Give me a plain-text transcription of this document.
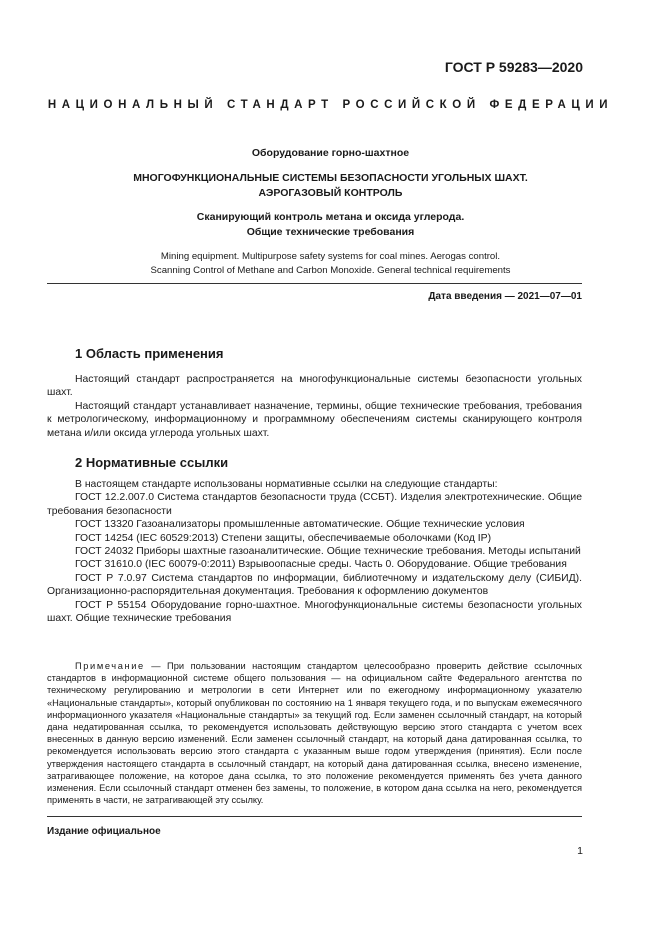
ГОСТ Р 59283—2020
НАЦИОНАЛЬНЫЙ СТАНДАРТ РОССИЙСКОЙ ФЕДЕРАЦИИ
Оборудование горно-шахтное
МНОГОФУНКЦИОНАЛЬНЫЕ СИСТЕМЫ БЕЗОПАСНОСТИ УГОЛЬНЫХ ШАХТ.
АЭРОГАЗОВЫЙ КОНТРОЛЬ
Сканирующий контроль метана и оксида углерода.
Общие технические требования
Mining equipment. Multipurpose safety systems for coal mines. Aerogas control.
Scanning Control of Methane and Carbon Monoxide. General technical requirements
Дата введения — 2021—07—01
1 Область применения

Настоящий стандарт распространяется на многофункциональные системы безопасности угольных шахт.

Настоящий стандарт устанавливает назначение, термины, общие технические требования, требования к метрологическому, информационному и программному обеспечениям системы сканирующего контроля метана и/или оксида углерода угольных шахт.

2 Нормативные ссылки

В настоящем стандарте использованы нормативные ссылки на следующие стандарты:

ГОСТ 12.2.007.0 Система стандартов безопасности труда (ССБТ). Изделия электротехнические. Общие требования безопасности

ГОСТ 13320 Газоанализаторы промышленные автоматические. Общие технические условия

ГОСТ 14254 (IEC 60529:2013) Степени защиты, обеспечиваемые оболочками (Код IP)

ГОСТ 24032 Приборы шахтные газоаналитические. Общие технические требования. Методы испытаний

ГОСТ 31610.0 (IEC 60079-0:2011) Взрывоопасные среды. Часть 0. Оборудование. Общие требования

ГОСТ Р 7.0.97 Система стандартов по информации, библиотечному и издательскому делу (СИБИД). Организационно-распорядительная документация. Требования к оформлению документов

ГОСТ Р 55154 Оборудование горно-шахтное. Многофункциональные системы безопасности угольных шахт. Общие технические требования

Примечание — При пользовании настоящим стандартом целесообразно проверить действие ссылочных стандартов в информационной системе общего пользования — на официальном сайте Федерального агентства по техническому регулированию и метрологии в сети Интернет или по ежегодному информационному указателю «Национальные стандарты», который опубликован по состоянию на 1 января текущего года, и по выпускам ежемесячного информационного указателя «Национальные стандарты» за текущий год. Если заменен ссылочный стандарт, на который дана недатированная ссылка, то рекомендуется использовать действующую версию этого стандарта с учетом всех внесенных в данную версию изменений. Если заменен ссылочный стандарт, на который дана датированная ссылка, то рекомендуется использовать версию этого стандарта с указанным выше годом утверждения (принятия). Если после утверждения настоящего стандарта в ссылочный стандарт, на который дана датированная ссылка, внесено изменение, затрагивающее положение, на которое дана ссылка, то это положение рекомендуется применять без учета данного изменения. Если ссылочный стандарт отменен без замены, то положение, в котором дана ссылка на него, рекомендуется применять в части, не затрагивающей эту ссылку.

Издание официальное
1
